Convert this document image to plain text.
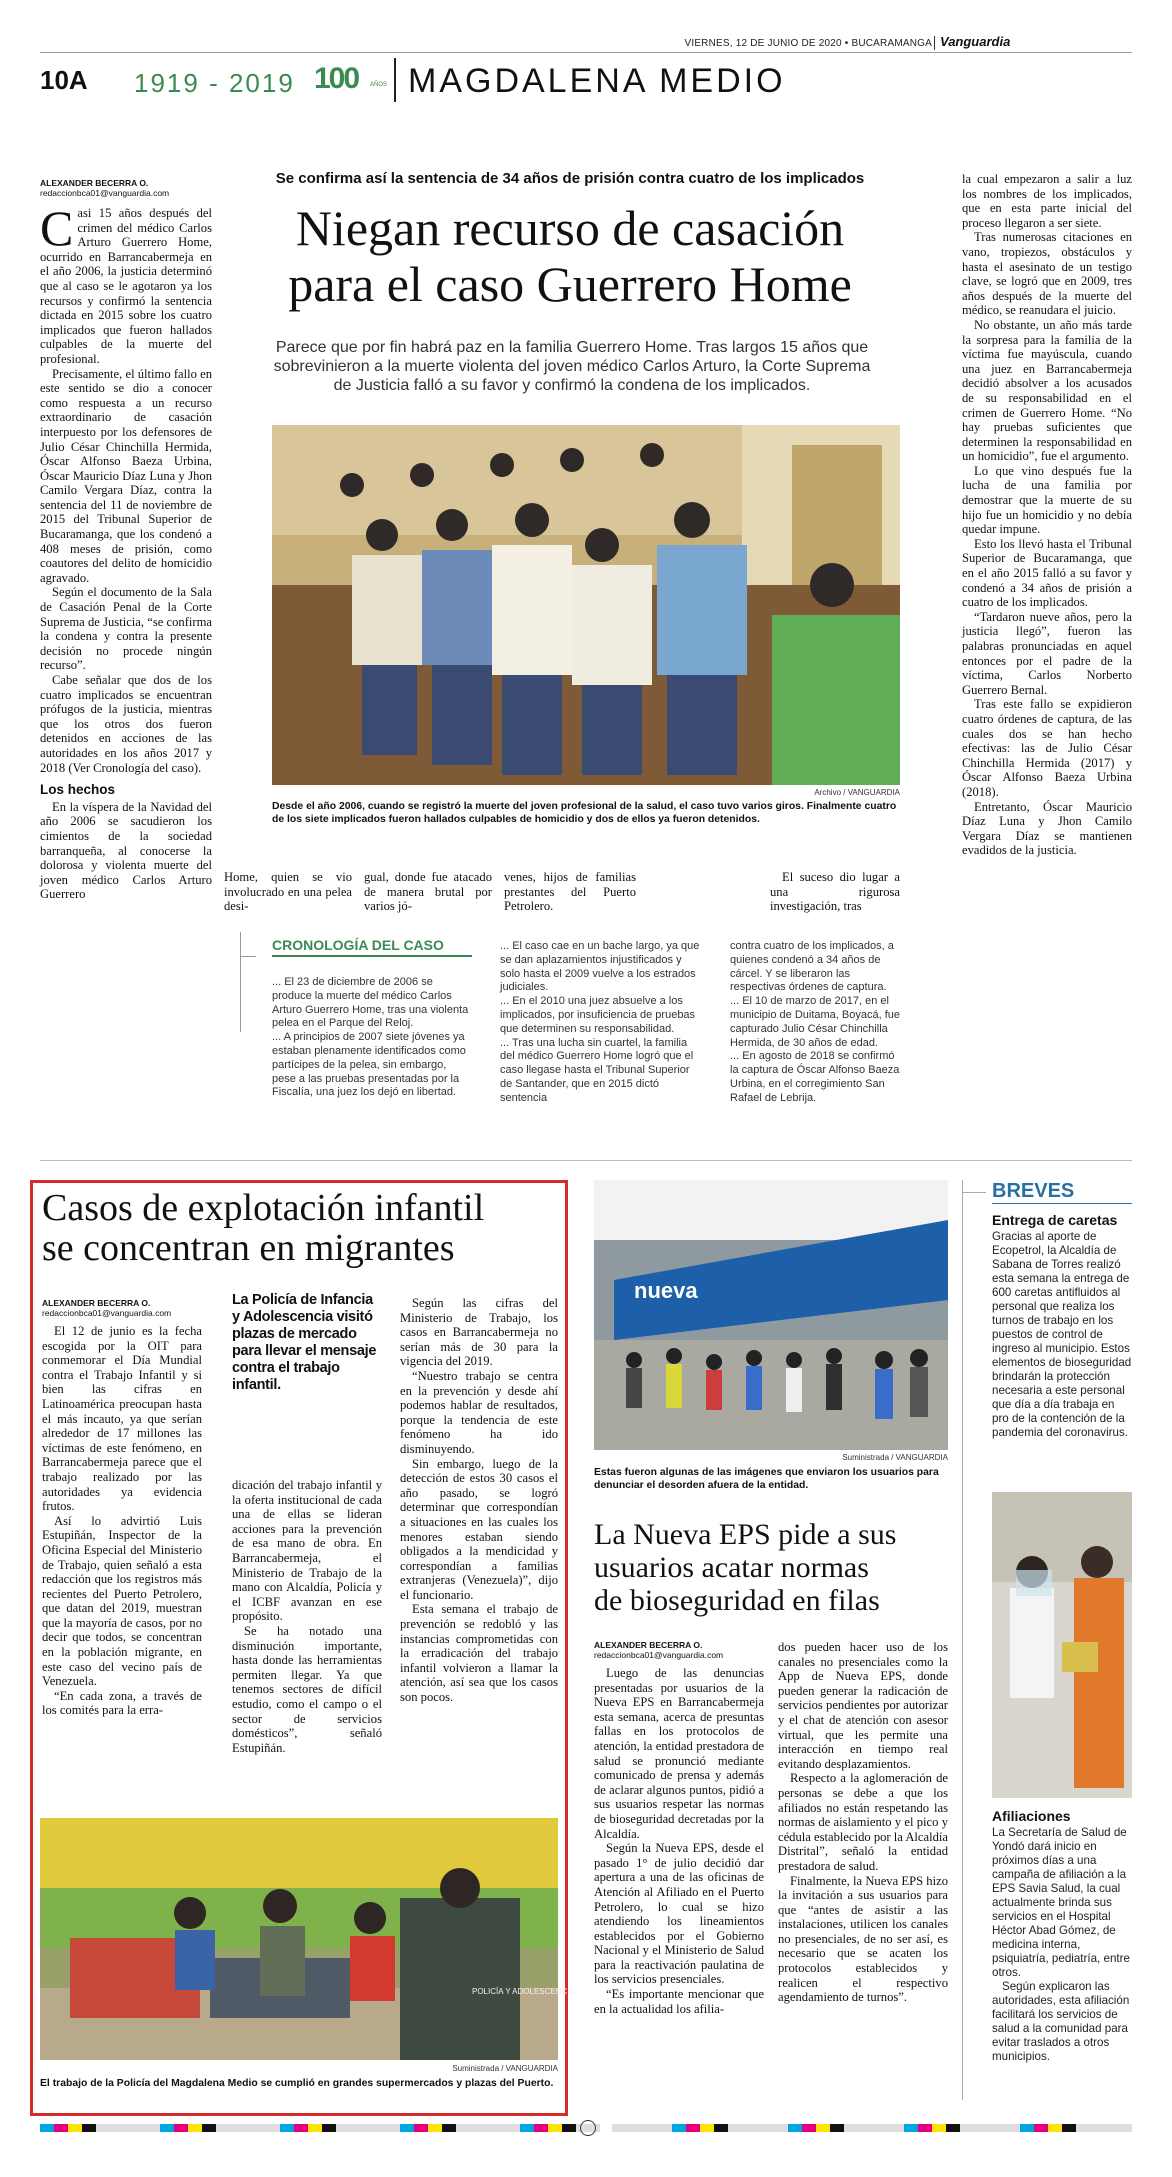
VIERNES, 12 DE JUNIO DE 2020 • BUCARAMANGA Vanguardia
10A 1919 - 2019 100 AÑOS MAGDALENA MEDIO
ALEXANDER BECERRA O.
redaccionbca01@vanguardia.com
Se confirma así la sentencia de 34 años de prisión contra cuatro de los implicados
Niegan recurso de casación
para el caso Guerrero Home
Parece que por fin habrá paz en la familia Guerrero Home. Tras largos 15 años que sobrevinieron a la muerte violenta del joven médico Carlos Arturo, la Corte Suprema de Justicia falló a su favor y confirmó la condena de los implicados.

Casi 15 años después del crimen del médico Carlos Arturo Guerrero Home, ocurrido en Barrancabermeja en el año 2006, la justicia determinó que al caso se le agotaron ya los recursos y confirmó la sentencia dictada en 2015 sobre los cuatro implicados que fueron hallados culpables de la muerte del profesional.

Precisamente, el último fallo en este sentido se dio a conocer como respuesta a un recurso extraordinario de casación interpuesto por los defensores de Julio César Chinchilla Hermida, Óscar Alfonso Baeza Urbina, Óscar Mauricio Díaz Luna y Jhon Camilo Vergara Díaz, contra la sentencia del 11 de noviembre de 2015 del Tribunal Superior de Bucaramanga, que los condenó a 408 meses de prisión, como coautores del delito de homicidio agravado.

Según el documento de la Sala de Casación Penal de la Corte Suprema de Justicia, “se confirma la condena y contra la presente decisión no procede ningún recurso”.

Cabe señalar que dos de los cuatro implicados se encuentran prófugos de la justicia, mientras que los otros dos fueron detenidos en acciones de las autoridades en los años 2017 y 2018 (Ver Cronología del caso).

Los hechos

En la víspera de la Navidad del año 2006 se sacudieron los cimientos de la sociedad barranqueña, al conocerse la dolorosa y violenta muerte del joven médico Carlos Arturo Guerrero

Archivo / VANGUARDIA
Desde el año 2006, cuando se registró la muerte del joven profesional de la salud, el caso tuvo varios giros. Finalmente cuatro de los siete implicados fueron hallados culpables de homicidio y dos de ellos ya fueron detenidos.

Home, quien se vio involucrado en una pelea desi-

gual, donde fue atacado de manera brutal por varios jó-

venes, hijos de familias prestantes del Puerto Petrolero.

El suceso dio lugar a una rigurosa investigación, tras

CRONOLOGÍA DEL CASO
... El 23 de diciembre de 2006 se produce la muerte del médico Carlos Arturo Guerrero Home, tras una violenta pelea en el Parque del Reloj.
... A principios de 2007 siete jóvenes ya estaban plenamente identificados como partícipes de la pelea, sin embargo, pese a las pruebas presentadas por la Fiscalía, una juez los dejó en libertad.
... El caso cae en un bache largo, ya que se dan aplazamientos injustificados y solo hasta el 2009 vuelve a los estrados judiciales.
... En el 2010 una juez absuelve a los implicados, por insuficiencia de pruebas que determinen su responsabilidad.
... Tras una lucha sin cuartel, la familia del médico Guerrero Home logró que el caso llegase hasta el Tribunal Superior de Santander, que en 2015 dictó sentencia
contra cuatro de los implicados, a quienes condenó a 34 años de cárcel. Y se liberaron las respectivas órdenes de captura.
... El 10 de marzo de 2017, en el municipio de Duitama, Boyacá, fue capturado Julio César Chinchilla Hermida, de 30 años de edad.
... En agosto de 2018 se confirmó la captura de Óscar Alfonso Baeza Urbina, en el corregimiento San Rafael de Lebrija.

la cual empezaron a salir a luz los nombres de los implicados, que en esta parte inicial del proceso llegaron a ser siete.

Tras numerosas citaciones en vano, tropiezos, obstáculos y hasta el asesinato de un testigo clave, se logró que en 2009, tres años después de la muerte del médico, se reanudara el juicio.

No obstante, un año más tarde la sorpresa para la familia de la víctima fue mayúscula, cuando una juez en Barrancabermeja decidió absolver a los acusados de su responsabilidad en el crimen de Guerrero Home. “No hay pruebas suficientes que determinen la responsabilidad en un homicidio”, fue el argumento.

Lo que vino después fue la lucha de una familia por demostrar que la muerte de su hijo fue un homicidio y no debía quedar impune.

Esto los llevó hasta el Tribunal Superior de Bucaramanga, que en el año 2015 falló a su favor y condenó a 34 años de prisión a cuatro de los implicados.

“Tardaron nueve años, pero la justicia llegó”, fueron las palabras pronunciadas en aquel entonces por el padre de la víctima, Carlos Norberto Guerrero Bernal.

Tras este fallo se expidieron cuatro órdenes de captura, de las cuales dos se han hecho efectivas: las de Julio César Chinchilla Hermida (2017) y Óscar Alfonso Baeza Urbina (2018).

Entretanto, Óscar Mauricio Díaz Luna y Jhon Camilo Vergara Díaz se mantienen evadidos de la justicia.

Casos de explotación infantil
se concentran en migrantes
ALEXANDER BECERRA O.
redaccionbca01@vanguardia.com

El 12 de junio es la fecha escogida por la OIT para conmemorar el Día Mundial contra el Trabajo Infantil y si bien las cifras en Latinoamérica preocupan hasta el más incauto, ya que serían alrededor de 17 millones las víctimas de este fenómeno, en Barrancabermeja parece que el trabajo realizado por las autoridades ya evidencia frutos.

Así lo advirtió Luis Estupiñán, Inspector de la Oficina Especial del Ministerio de Trabajo, quien señaló a esta redacción que los registros más recientes del Puerto Petrolero, que datan del 2019, muestran que la mayoría de casos, por no decir que todos, se concentran en la población migrante, en este caso del vecino país de Venezuela.

“En cada zona, a través de los comités para la erra-

La Policía de Infancia y Adolescencia visitó plazas de mercado para llevar el mensaje contra el trabajo infantil.

dicación del trabajo infantil y la oferta institucional de cada una de ellas se lideran acciones para la prevención de esa mano de obra. En Barrancabermeja, el Ministerio de Trabajo de la mano con Alcaldía, Policía y el ICBF avanzan en ese propósito.

Se ha notado una disminución importante, hasta donde las herramientas permiten llegar. Ya que tenemos sectores de difícil estudio, como el campo o el sector de servicios domésticos”, señaló Estupiñán.

Según las cifras del Ministerio de Trabajo, los casos en Barrancabermeja no serían más de 30 para la vigencia del 2019.

“Nuestro trabajo se centra en la prevención y desde ahí podemos hablar de resultados, porque la tendencia de este fenómeno ha ido disminuyendo.

Sin embargo, luego de la detección de estos 30 casos el año pasado, se logró determinar que correspondían a situaciones en las cuales los menores estaban siendo obligados a la mendicidad y correspondían a familias extranjeras (Venezuela)”, dijo el funcionario.

Esta semana el trabajo de prevención se redobló y las instancias comprometidas con la erradicación del trabajo infantil volvieron a llamar la atención, así sea que los casos son pocos.

POLICÍA Y ADOLESCENCIA
Suministrada / VANGUARDIA
El trabajo de la Policía del Magdalena Medio se cumplió en grandes supermercados y plazas del Puerto.
nueva
Suministrada / VANGUARDIA
Estas fueron algunas de las imágenes que enviaron los usuarios para denunciar el desorden afuera de la entidad.
La Nueva EPS pide a sus
usuarios acatar normas
de bioseguridad en filas
ALEXANDER BECERRA O.
redaccionbca01@vanguardia.com

Luego de las denuncias presentadas por usuarios de la Nueva EPS en Barrancabermeja esta semana, acerca de presuntas fallas en los protocolos de atención, la entidad prestadora de salud se pronunció mediante comunicado de prensa y además de aclarar algunos puntos, pidió a sus usuarios respetar las normas de bioseguridad decretadas por la Alcaldía.

Según la Nueva EPS, desde el pasado 1° de julio decidió dar apertura a una de las oficinas de Atención al Afiliado en el Puerto Petrolero, lo cual se hizo atendiendo los lineamientos establecidos por el Gobierno Nacional y el Ministerio de Salud para la reactivación paulatina de los servicios presenciales.

“Es importante mencionar que en la actualidad los afilia-

dos pueden hacer uso de los canales no presenciales como la App de Nueva EPS, donde pueden generar la radicación de servicios pendientes por autorizar y el chat de atención con asesor virtual, que les permite una interacción en tiempo real evitando desplazamientos.

Respecto a la aglomeración de personas se debe a que los afiliados no están respetando las normas de aislamiento y el pico y cédula establecido por la Alcaldía Distrital”, señaló la entidad prestadora de salud.

Finalmente, la Nueva EPS hizo la invitación a sus usuarios para que “antes de asistir a las instalaciones, utilicen los canales no presenciales, de no ser así, es necesario que se acaten los protocolos establecidos y realicen el respectivo agendamiento de turnos”.

BREVES
Entrega de caretas
Gracias al aporte de Ecopetrol, la Alcaldía de Sabana de Torres realizó esta semana la entrega de 600 caretas antifluidos al personal que realiza los turnos de trabajo en los puestos de control de ingreso al municipio. Estos elementos de bioseguridad brindarán la protección necesaria a este personal que día a día trabaja en pro de la contención de la pandemia del coronavirus.
Afiliaciones
La Secretaría de Salud de Yondó dará inicio en próximos días a una campaña de afiliación a la EPS Savia Salud, la cual actualmente brinda sus servicios en el Hospital Héctor Abad Gómez, de medicina interna, psiquiatría, pediatría, entre otros.
Según explicaron las autoridades, esta afiliación facilitará los servicios de salud a la comunidad para evitar traslados a otros municipios.
